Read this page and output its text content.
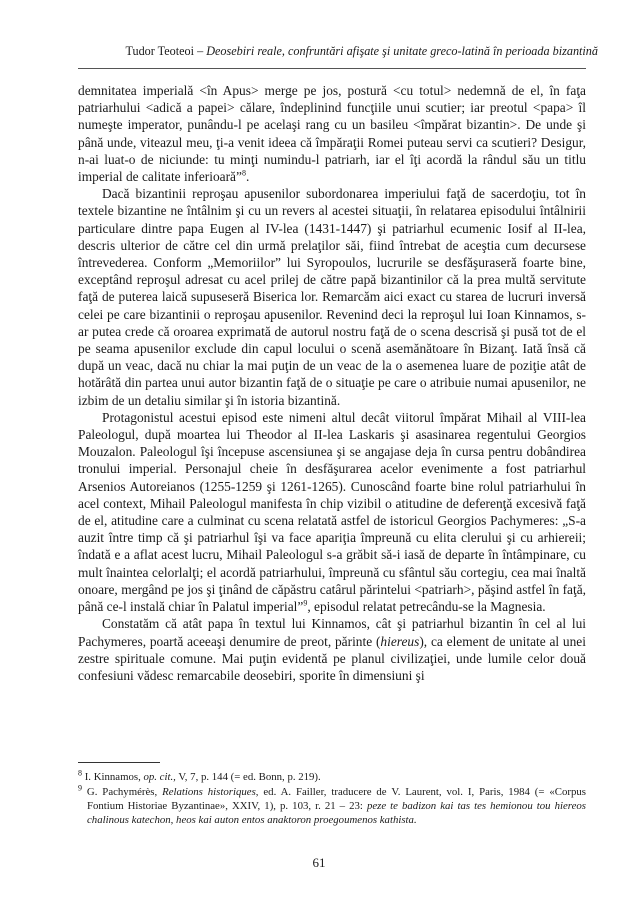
Tudor Teoteoi – Deosebiri reale, confruntări afişate şi unitate greco-latină în perioada bizantină

demnitatea imperială <în Apus> merge pe jos, postură <cu totul> nedemnă de el, în faţa patriarhului <adică a papei> călare, îndeplinind funcţiile unui scutier; iar preotul <papa> îl numeşte imperator, punându-l pe acelaşi rang cu un basileu <împărat bizantin>. De unde şi până unde, viteazul meu, ţi-a venit ideea că împăraţii Romei puteau servi ca scutieri? Desigur, n-ai luat-o de niciunde: tu minţi numindu-l patriarh, iar el îţi acordă la rândul său un titlu imperial de calitate inferioară”$^8$.

Dacă bizantinii reproşau apusenilor subordonarea imperiului faţă de sacerdoţiu, tot în textele bizantine ne întâlnim şi cu un revers al acestei situaţii, în relatarea episodului întâlnirii particulare dintre papa Eugen al IV-lea (1431-1447) şi patriarhul ecumenic Iosif al II-lea, descris ulterior de către cel din urmă prelaţilor săi, fiind întrebat de aceştia cum decursese întrevederea. Conform „Memoriilor” lui Syropoulos, lucrurile se desfăşuraseră foarte bine, exceptând reproşul adresat cu acel prilej de către papă bizantinilor că la prea multă servitute faţă de puterea laică supuseseră Biserica lor. Remarcăm aici exact cu starea de lucruri inversă celei pe care bizantinii o reproşau apusenilor. Revenind deci la reproşul lui Ioan Kinnamos, s-ar putea crede că oroarea exprimată de autorul nostru faţă de o scena descrisă şi pusă tot de el pe seama apusenilor exclude din capul locului o scenă asemănătoare în Bizanţ. Iată însă că după un veac, dacă nu chiar la mai puţin de un veac de la o asemenea luare de poziţie atât de hotărâtă din partea unui autor bizantin faţă de o situaţie pe care o atribuie numai apusenilor, ne izbim de un detaliu similar şi în istoria bizantină.

Protagonistul acestui episod este nimeni altul decât viitorul împărat Mihail al VIII-lea Paleologul, după moartea lui Theodor al II-lea Laskaris şi asasinarea regentului Georgios Mouzalon. Paleologul îşi începuse ascensiunea şi se angajase deja în cursa pentru dobândirea tronului imperial. Personajul cheie în desfăşurarea acelor evenimente a fost patriarhul Arsenios Autoreianos (1255-1259 şi 1261-1265). Cunoscând foarte bine rolul patriarhului în acel context, Mihail Paleologul manifesta în chip vizibil o atitudine de deferenţă excesivă faţă de el, atitudine care a culminat cu scena relatată astfel de istoricul Georgios Pachymeres: „S-a auzit între timp că şi patriarhul îşi va face apariţia împreună cu elita clerului şi cu arhiereii; îndată e a aflat acest lucru, Mihail Paleologul s-a grăbit să-i iasă de departe în întâmpinare, cu mult înaintea celorlalţi; el acordă patriarhului, împreună cu sfântul său cortegiu, cea mai înaltă onoare, mergând pe jos şi ţinând de căpăstru catârul părintelui <patriarh>, păşind astfel în faţă, până ce-l instală chiar în Palatul imperial”$^9$, episodul relatat petrecându-se la Magnesia.

Constatăm că atât papa în textul lui Kinnamos, cât şi patriarhul bizantin în cel al lui Pachymeres, poartă aceeaşi denumire de preot, părinte (hiereus), ca element de unitate al unei zestre spirituale comune. Mai puţin evidentă pe planul civilizaţiei, unde lumile celor două confesiuni vădesc remarcabile deosebiri, sporite în dimensiuni şi

$^8$ I. Kinnamos, op. cit., V, 7, p. 144 (= ed. Bonn, p. 219).

$^9$ G. Pachymérès, Relations historiques, ed. A. Failler, traducere de V. Laurent, vol. I, Paris, 1984 (= «Corpus Fontium Historiae Byzantinae», XXIV, 1), p. 103, r. 21 – 23: peze te badizon kai tas tes hemionou tou hiereos chalinous katechon, heos kai auton entos anaktoron proegoumenos kathista.

61
